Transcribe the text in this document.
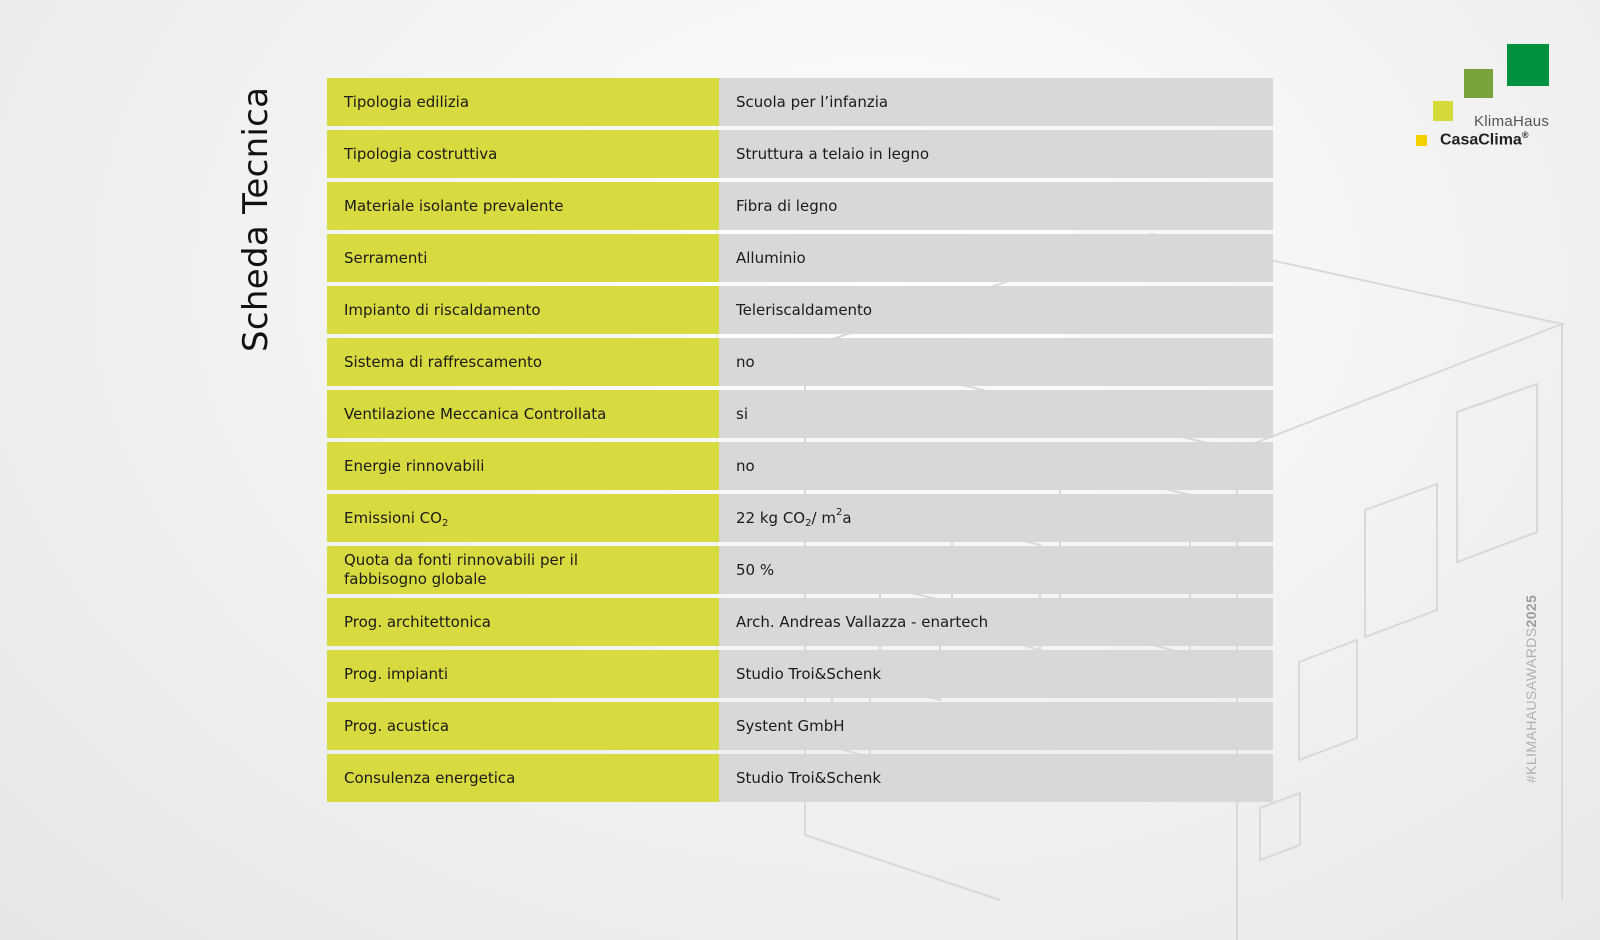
Scheda Tecnica	Tipologia edilizia	Scuola per l’infanzia
Tipologia costruttiva	Struttura a telaio in legno
Materiale isolante prevalente	Fibra di legno
Serramenti	Alluminio
Impianto di riscaldamento	Teleriscaldamento
Sistema di raffrescamento	no
Ventilazione Meccanica Controllata	si
Energie rinnovabili	no
Emissioni CO 2	22 kg CO 2 / m 2 a
Quota da fonti rinnovabili per il
fabbisogno globale	50 %
Prog. architettonica	Arch. Andreas Vallazza - enartech
Prog. impianti	Studio Troi&Schenk
Prog. acustica	Systent GmbH
Consulenza energetica	Studio Troi&Schenk
KlimaHaus
CasaClima®
#KLIMAHAUSAWARDS2025
